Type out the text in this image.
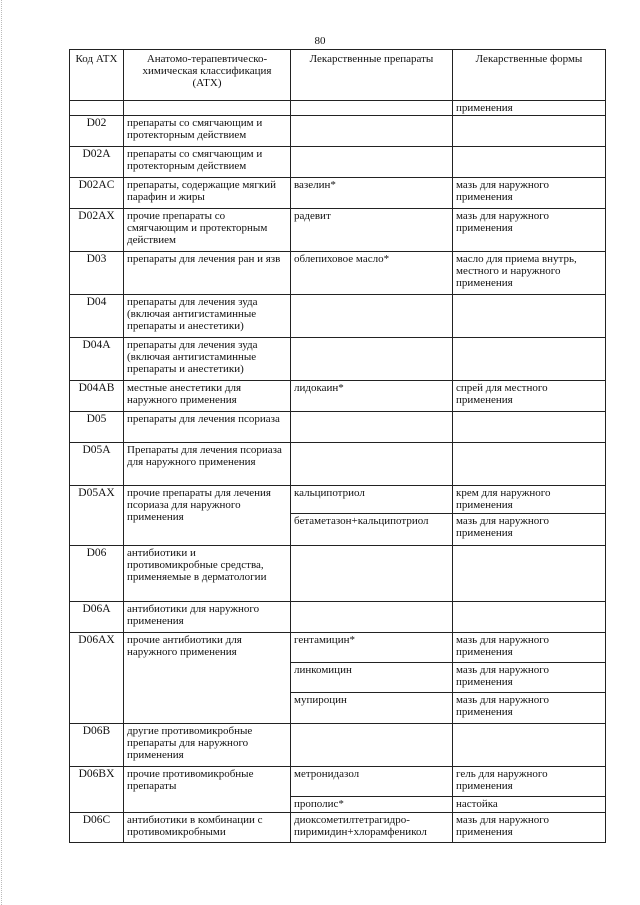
80
Код АТХ	Анатомо-терапевтическо-химическая классификация (АТХ)	Лекарственные препараты	Лекарственные формы
			применения
D02	препараты со смягчающим и протекторным действием		
D02A	препараты со смягчающим и протекторным действием		
D02AC	препараты, содержащие мягкий парафин и жиры	вазелин*	мазь для наружного применения
D02AX	прочие препараты со смягчающим и протекторным действием	радевит	мазь для наружного применения
D03	препараты для лечения ран и язв	облепиховое масло*	масло для приема внутрь, местного и наружного применения
D04	препараты для лечения зуда (включая антигистаминные препараты и анестетики)		
D04A	препараты для лечения зуда (включая антигистаминные препараты и анестетики)		
D04AB	местные анестетики для наружного применения	лидокаин*	спрей для местного применения
D05	препараты для лечения псориаза		
D05A	Препараты для лечения псориаза для наружного применения		
D05AX	прочие препараты для лечения псориаза для наружного применения	кальципотриол	крем для наружного применения
		бетаметазон+кальципотриол	мазь для наружного применения
D06	антибиотики и противомикробные средства, применяемые в дерматологии		
D06A	антибиотики для наружного применения		
D06AX	прочие антибиотики для наружного применения	гентамицин*	мазь для наружного применения
		линкомицин	мазь для наружного применения
		мупироцин	мазь для наружного применения
D06B	другие противомикробные препараты для наружного применения		
D06BX	прочие противомикробные препараты	метронидазол	гель для наружного применения
		прополис*	настойка
D06C	антибиотики в комбинации с противомикробными	диоксометилтетрагидро-пиримидин+хлорамфеникол	мазь для наружного применения
